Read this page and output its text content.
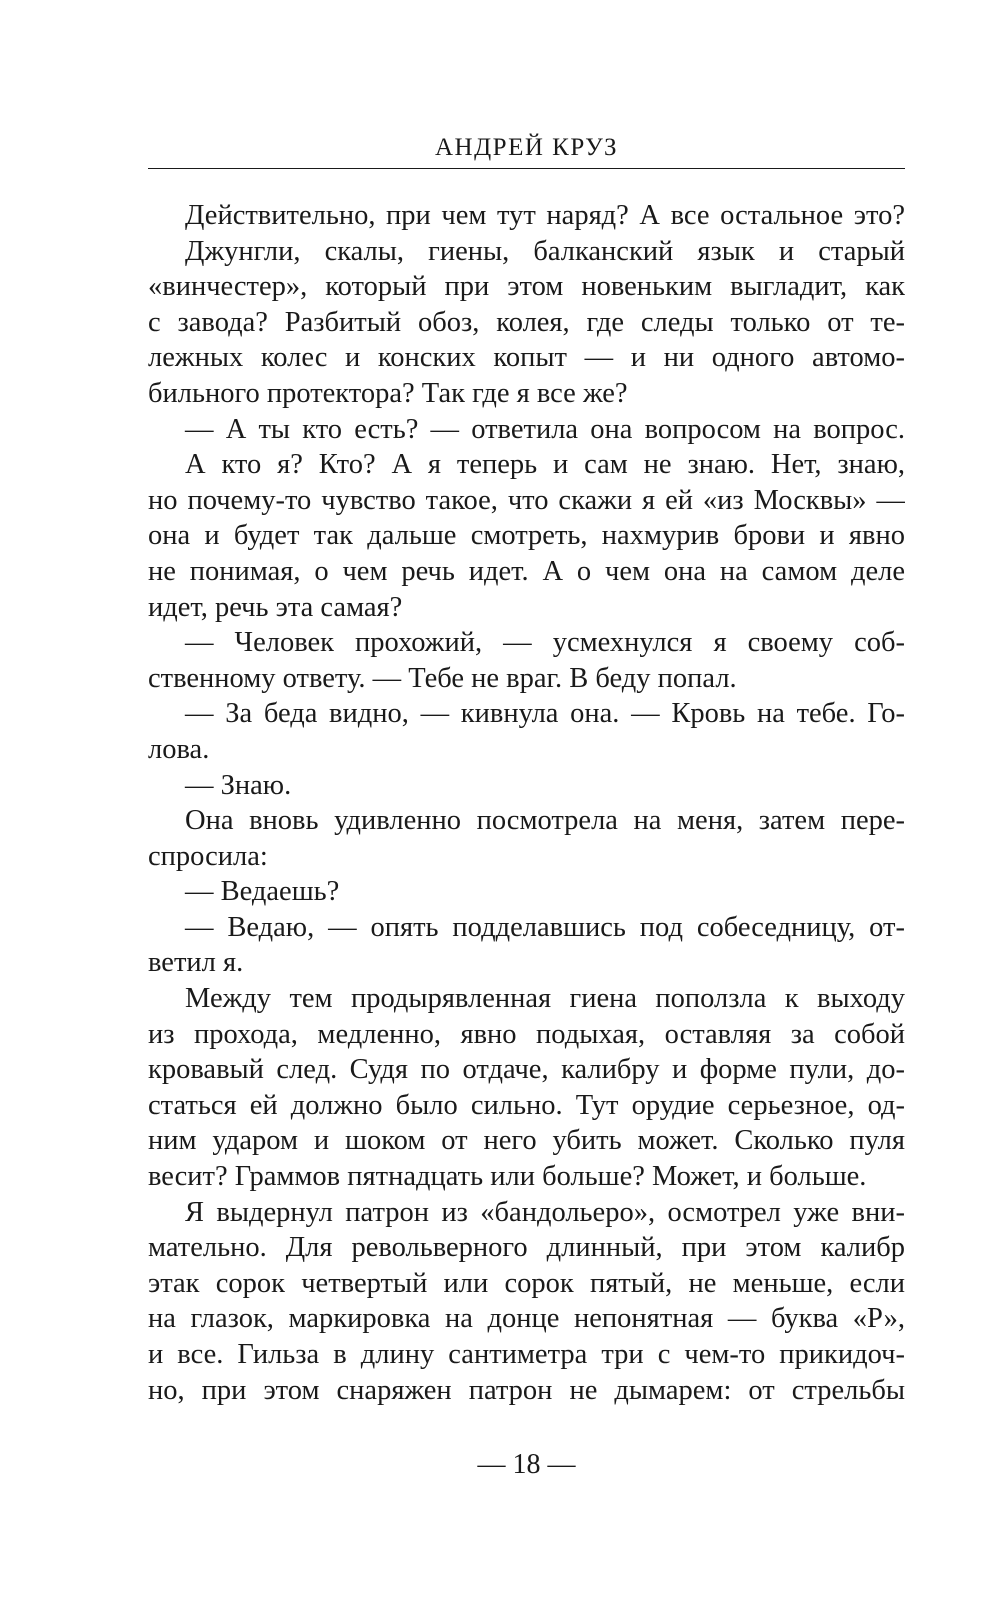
АНДРЕЙ КРУЗ
Действительно, при чем тут наряд? А все остальное это?
Джунгли, скалы, гиены, балканский язык и старый
«винчестер», который при этом новеньким выгладит, как
с завода? Разбитый обоз, колея, где следы только от те-
лежных колес и конских копыт — и ни одного автомо-
бильного протектора? Так где я все же?
— А ты кто есть? — ответила она вопросом на вопрос.
А кто я? Кто? А я теперь и сам не знаю. Нет, знаю,
но почему-то чувство такое, что скажи я ей «из Москвы» —
она и будет так дальше смотреть, нахмурив брови и явно
не понимая, о чем речь идет. А о чем она на самом деле
идет, речь эта самая?
— Человек прохожий, — усмехнулся я своему соб-
ственному ответу. — Тебе не враг. В беду попал.
— За беда видно, — кивнула она. — Кровь на тебе. Го-
лова.
— Знаю.
Она вновь удивленно посмотрела на меня, затем пере-
спросила:
— Ведаешь?
— Ведаю, — опять подделавшись под собеседницу, от-
ветил я.
Между тем продырявленная гиена поползла к выходу
из прохода, медленно, явно подыхая, оставляя за собой
кровавый след. Судя по отдаче, калибру и форме пули, до-
статься ей должно было сильно. Тут орудие серьезное, од-
ним ударом и шоком от него убить может. Сколько пуля
весит? Граммов пятнадцать или больше? Может, и больше.
Я выдернул патрон из «бандольеро», осмотрел уже вни-
мательно. Для револьверного длинный, при этом калибр
этак сорок четвертый или сорок пятый, не меньше, если
на глазок, маркировка на донце непонятная — буква «Р»,
и все. Гильза в длину сантиметра три с чем-то прикидоч-
но, при этом снаряжен патрон не дымарем: от стрельбы
— 18 —
